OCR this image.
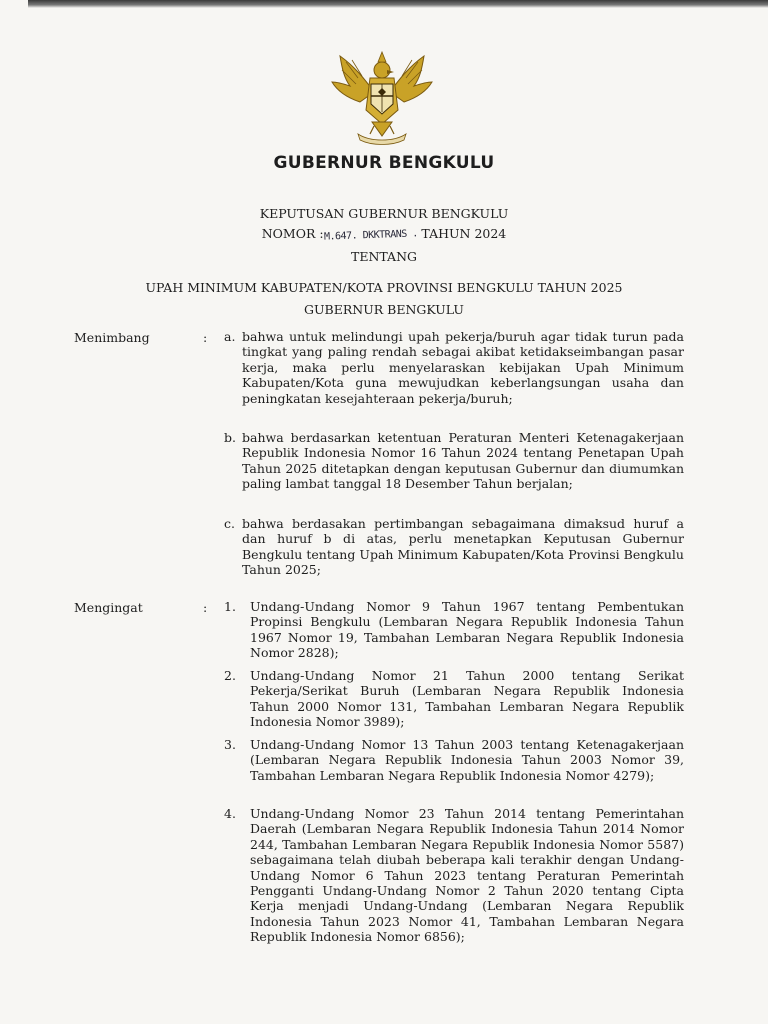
GUBERNUR BENGKULU
KEPUTUSAN GUBERNUR BENGKULU
NOMOR :M.647. DKKTRANS . TAHUN 2024
TENTANG
UPAH MINIMUM KABUPATEN/KOTA PROVINSI BENGKULU TAHUN 2025
GUBERNUR BENGKULU
Menimbang	: a. bahwa untuk melindungi upah pekerja/buruh agar tidak turun pada tingkat yang paling rendah sebagai akibat ketidakseimbangan pasar kerja, maka perlu menyelaraskan kebijakan Upah Minimum Kabupaten/Kota guna mewujudkan keberlangsungan usaha dan peningkatan kesejahteraan pekerja/buruh;
b. bahwa berdasarkan ketentuan Peraturan Menteri Ketenagakerjaan Republik Indonesia Nomor 16 Tahun 2024 tentang Penetapan Upah Tahun 2025 ditetapkan dengan keputusan Gubernur dan diumumkan paling lambat tanggal 18 Desember Tahun berjalan;
c. bahwa berdasakan pertimbangan sebagaimana dimaksud huruf a dan huruf b di atas, perlu menetapkan Keputusan Gubernur Bengkulu tentang Upah Minimum Kabupaten/Kota Provinsi Bengkulu Tahun 2025;
Mengingat	: 1. Undang-Undang Nomor 9 Tahun 1967 tentang Pembentukan Propinsi Bengkulu (Lembaran Negara Republik Indonesia Tahun 1967 Nomor 19, Tambahan Lembaran Negara Republik Indonesia Nomor 2828);
2. Undang-Undang Nomor 21 Tahun 2000 tentang Serikat Pekerja/Serikat Buruh (Lembaran Negara Republik Indonesia Tahun 2000 Nomor 131, Tambahan Lembaran Negara Republik Indonesia Nomor 3989);
3. Undang-Undang Nomor 13 Tahun 2003 tentang Ketenagakerjaan (Lembaran Negara Republik Indonesia Tahun 2003 Nomor 39, Tambahan Lembaran Negara Republik Indonesia Nomor 4279);
4. Undang-Undang Nomor 23 Tahun 2014 tentang Pemerintahan Daerah (Lembaran Negara Republik Indonesia Tahun 2014 Nomor 244, Tambahan Lembaran Negara Republik Indonesia Nomor 5587) sebagaimana telah diubah beberapa kali terakhir dengan Undang-Undang Nomor 6 Tahun 2023 tentang Peraturan Pemerintah Pengganti Undang-Undang Nomor 2 Tahun 2020 tentang Cipta Kerja menjadi Undang-Undang (Lembaran Negara Republik Indonesia Tahun 2023 Nomor 41, Tambahan Lembaran Negara Republik Indonesia Nomor 6856);
